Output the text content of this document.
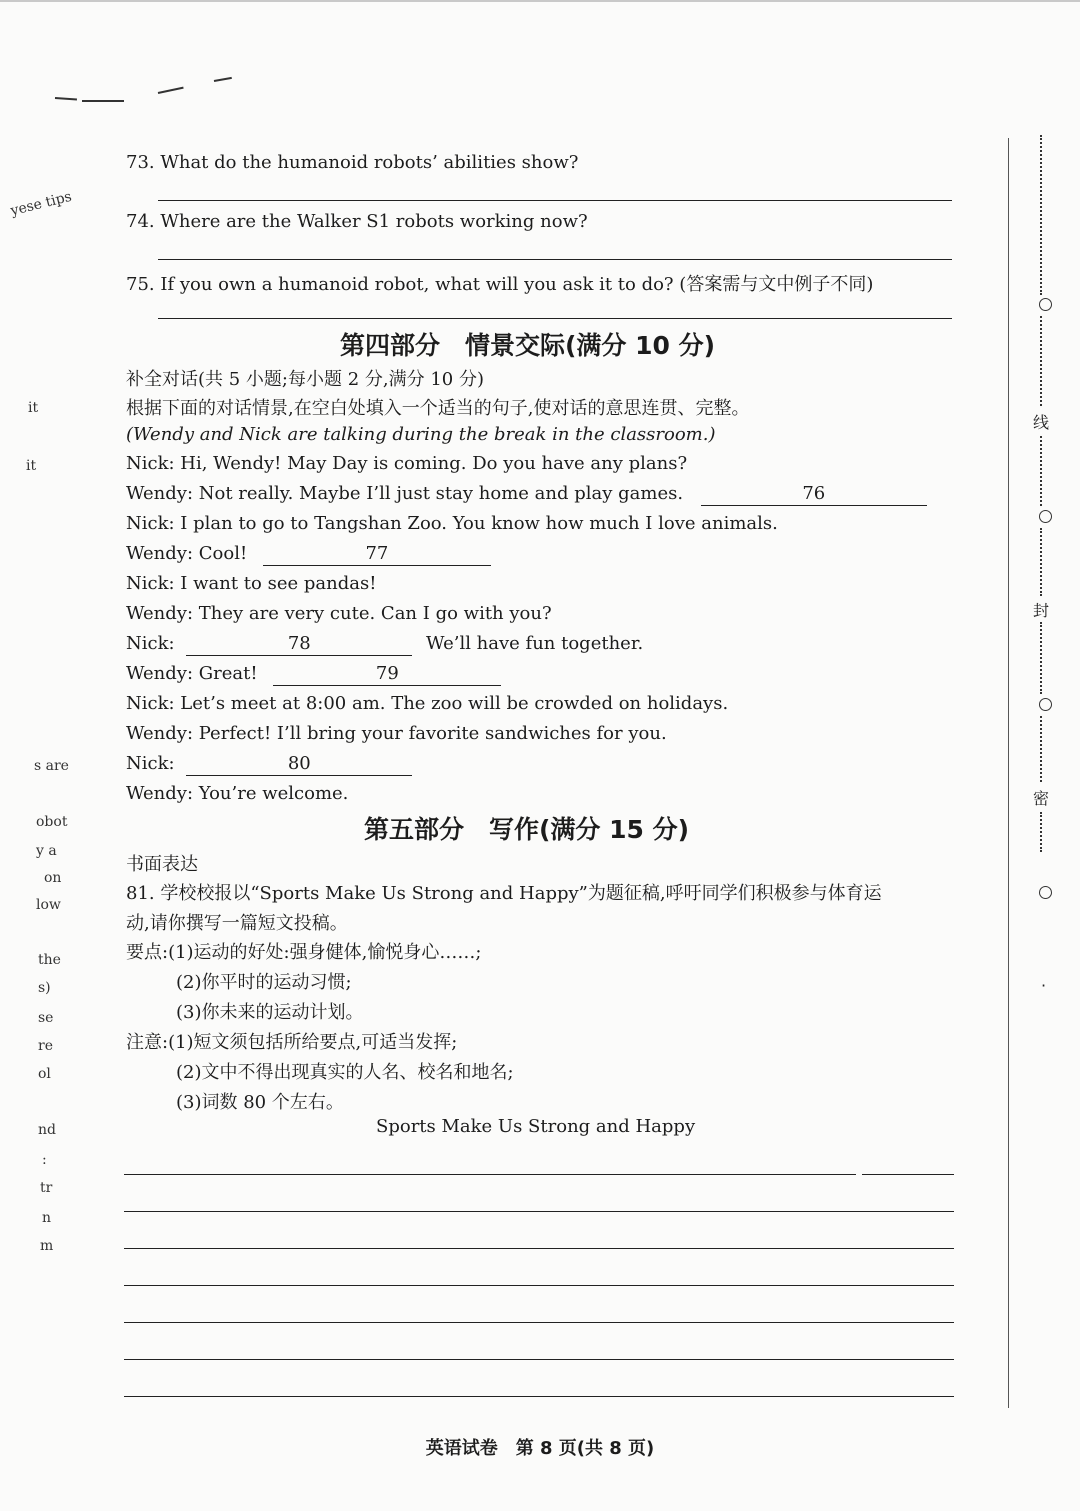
yese tips
it
it
s are
obot
y a
on
low
the
s)
se
re
ol
nd
:
tr
n
m
73. What do the humanoid robots’ abilities show?
74. Where are the Walker S1 robots working now?
75. If you own a humanoid robot, what will you ask it to do? (答案需与文中例子不同)
第四部分　情景交际(满分 10 分)
补全对话(共 5 小题;每小题 2 分,满分 10 分)
根据下面的对话情景,在空白处填入一个适当的句子,使对话的意思连贯、完整。
(Wendy and Nick are talking during the break in the classroom.)
Nick: Hi, Wendy! May Day is coming. Do you have any plans?
Wendy: Not really. Maybe I’ll just stay home and play games.	76
Nick: I plan to go to Tangshan Zoo. You know how much I love animals.
Wendy: Cool!	77
Nick: I want to see pandas!
Wendy: They are very cute. Can I go with you?
Nick:	78	We’ll have fun together.
Wendy: Great!	79
Nick: Let’s meet at 8:00 am. The zoo will be crowded on holidays.
Wendy: Perfect! I’ll bring your favorite sandwiches for you.
Nick:	80
Wendy: You’re welcome.
第五部分　写作(满分 15 分)
书面表达
81. 学校校报以“Sports Make Us Strong and Happy”为题征稿,呼吁同学们积极参与体育运
动,请你撰写一篇短文投稿。
要点:(1)运动的好处:强身健体,愉悦身心……;
(2)你平时的运动习惯;
(3)你未来的运动计划。
注意:(1)短文须包括所给要点,可适当发挥;
(2)文中不得出现真实的人名、校名和地名;
(3)词数 80 个左右。
Sports Make Us Strong and Happy
线
封
密
·
英语试卷　第 8 页(共 8 页)
